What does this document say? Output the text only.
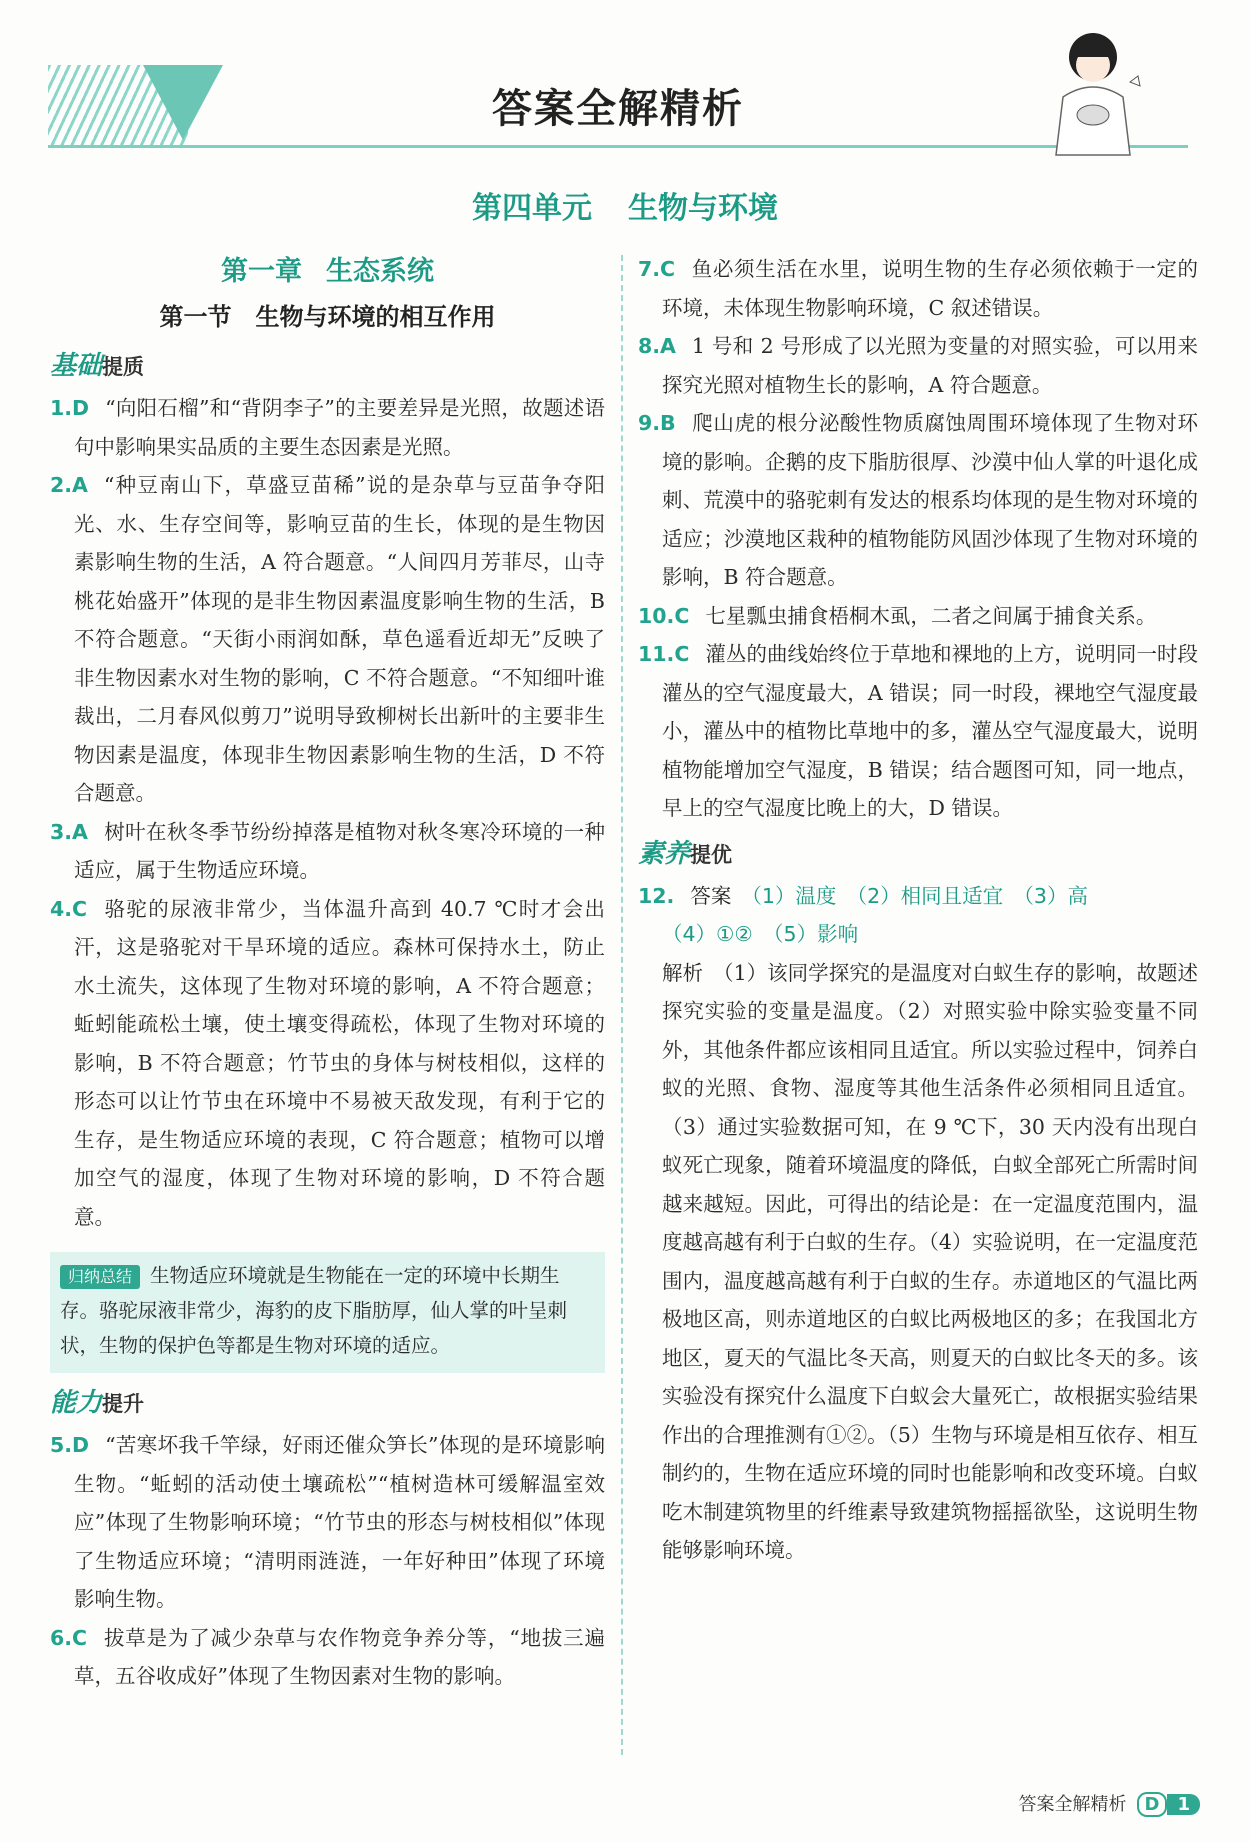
答案全解精析
第四单元 生物与环境
第一章 生态系统
第一节 生物与环境的相互作用
基础提质

1.D “向阳石榴”和“背阴李子”的主要差异是光照，故题述语句中影响果实品质的主要生态因素是光照。

2.A “种豆南山下，草盛豆苗稀”说的是杂草与豆苗争夺阳光、水、生存空间等，影响豆苗的生长，体现的是生物因素影响生物的生活，A 符合题意。“人间四月芳菲尽，山寺桃花始盛开”体现的是非生物因素温度影响生物的生活，B 不符合题意。“天街小雨润如酥，草色遥看近却无”反映了非生物因素水对生物的影响，C 不符合题意。“不知细叶谁裁出，二月春风似剪刀”说明导致柳树长出新叶的主要非生物因素是温度，体现非生物因素影响生物的生活，D 不符合题意。

3.A 树叶在秋冬季节纷纷掉落是植物对秋冬寒冷环境的一种适应，属于生物适应环境。

4.C 骆驼的尿液非常少，当体温升高到 40.7 ℃时才会出汗，这是骆驼对干旱环境的适应。森林可保持水土，防止水土流失，这体现了生物对环境的影响，A 不符合题意；蚯蚓能疏松土壤，使土壤变得疏松，体现了生物对环境的影响，B 不符合题意；竹节虫的身体与树枝相似，这样的形态可以让竹节虫在环境中不易被天敌发现，有利于它的生存，是生物适应环境的表现，C 符合题意；植物可以增加空气的湿度，体现了生物对环境的影响，D 不符合题意。

归纳总结 生物适应环境就是生物能在一定的环境中长期生存。骆驼尿液非常少，海豹的皮下脂肪厚，仙人掌的叶呈刺状，生物的保护色等都是生物对环境的适应。
能力提升

5.D “苦寒坏我千竿绿，好雨还催众笋长”体现的是环境影响生物。“蚯蚓的活动使土壤疏松”“植树造林可缓解温室效应”体现了生物影响环境；“竹节虫的形态与树枝相似”体现了生物适应环境；“清明雨涟涟，一年好种田”体现了环境影响生物。

6.C 拔草是为了减少杂草与农作物竞争养分等，“地拔三遍草，五谷收成好”体现了生物因素对生物的影响。

7.C 鱼必须生活在水里，说明生物的生存必须依赖于一定的环境，未体现生物影响环境，C 叙述错误。

8.A 1 号和 2 号形成了以光照为变量的对照实验，可以用来探究光照对植物生长的影响，A 符合题意。

9.B 爬山虎的根分泌酸性物质腐蚀周围环境体现了生物对环境的影响。企鹅的皮下脂肪很厚、沙漠中仙人掌的叶退化成刺、荒漠中的骆驼刺有发达的根系均体现的是生物对环境的适应；沙漠地区栽种的植物能防风固沙体现了生物对环境的影响，B 符合题意。

10.C 七星瓢虫捕食梧桐木虱，二者之间属于捕食关系。

11.C 灌丛的曲线始终位于草地和裸地的上方，说明同一时段灌丛的空气湿度最大，A 错误；同一时段，裸地空气湿度最小，灌丛中的植物比草地中的多，灌丛空气湿度最大，说明植物能增加空气湿度，B 错误；结合题图可知，同一地点，早上的空气湿度比晚上的大，D 错误。

素养提优

12. 答案 （1）温度　（2）相同且适宜　（3）高

（4）①②　（5）影响

解析 （1）该同学探究的是温度对白蚁生存的影响，故题述探究实验的变量是温度。（2）对照实验中除实验变量不同外，其他条件都应该相同且适宜。所以实验过程中，饲养白蚁的光照、食物、湿度等其他生活条件必须相同且适宜。（3）通过实验数据可知，在 9 ℃下，30 天内没有出现白蚁死亡现象，随着环境温度的降低，白蚁全部死亡所需时间越来越短。因此，可得出的结论是：在一定温度范围内，温度越高越有利于白蚁的生存。（4）实验说明，在一定温度范围内，温度越高越有利于白蚁的生存。赤道地区的气温比两极地区高，则赤道地区的白蚁比两极地区的多；在我国北方地区，夏天的气温比冬天高，则夏天的白蚁比冬天的多。该实验没有探究什么温度下白蚁会大量死亡，故根据实验结果作出的合理推测有①②。（5）生物与环境是相互依存、相互制约的，生物在适应环境的同时也能影响和改变环境。白蚁吃木制建筑物里的纤维素导致建筑物摇摇欲坠，这说明生物能够影响环境。

答案全解精析 D 1
